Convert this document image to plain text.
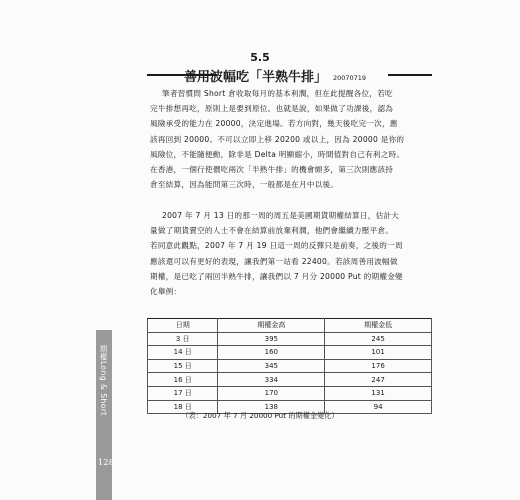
5.5
善用波幅吃「半熟牛排」 20070719
筆者習慣問 Short 倉收取每月的基本利潤，但在此提醒各位，若吃
完牛排想再吃，原則上是要到原位。也就是說，如果做了功課後，認為
風險承受的能力在 20000，決定進場。若方向對，幾天後吃完一次，應
該再回到 20000。不可以立即上移 20200 或以上，因為 20000 是你的
風險位，不能隨便動，除非是 Delta 明顯縮小，時間值對自己有利之時。
在香港，一個行使價吃兩次「半熟牛排」的機會頗多，第三次則應該持
倉至結算，因為能問第三次時，一般都是在月中以後。
2007 年 7 月 13 日的那一周的周五是美國期貨期權結算日，估計大
量做了期貨賣空的人士不會在結算前放棄利潤，他們會繼續力壓平倉。
若同意此觀點，2007 年 7 月 19 日這一周的反彈只是前奏，之後的一周
應該還可以有更好的表現，讓我們第一站看 22400。若該周善用波幅做
期權，是已吃了兩回半熟牛排，讓我們以 7 月分 20000 Put 的期權金變
化舉例：
日期	期權金高	期權金低
3 日	395	245
14 日	160	101
15 日	345	176
16 日	334	247
17 日	170	131
18 日	138	94
（表：2007 年 7 月 20000 Put 的期權金變化）
期權Long & Short
128
